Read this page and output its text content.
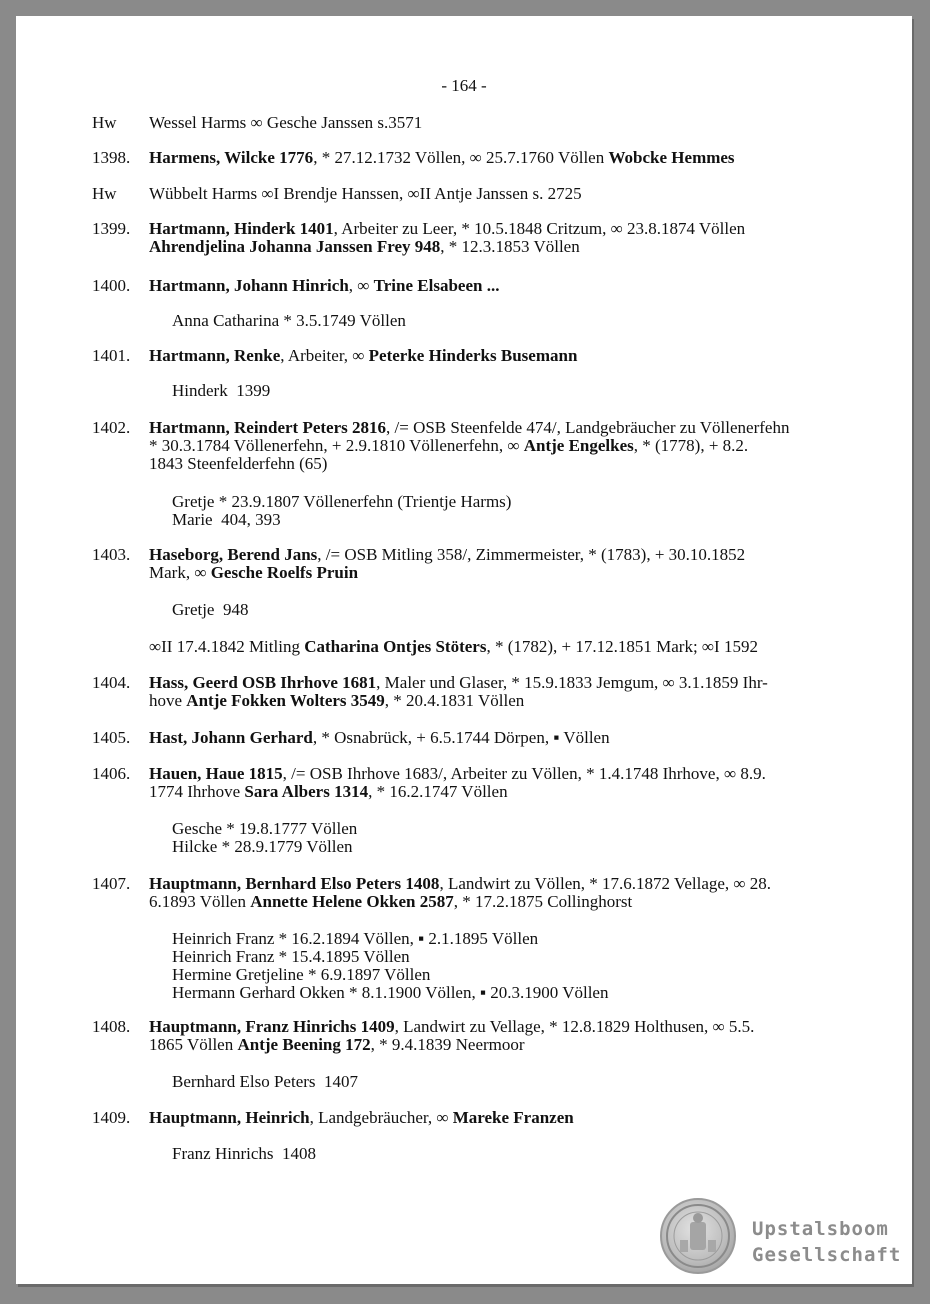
- 164 -
Hw Wessel Harms ∞ Gesche Janssen s.3571
1398. Harmens, Wilcke 1776, * 27.12.1732 Völlen, ∞ 25.7.1760 Völlen Wobcke Hemmes
Hw Wübbelt Harms ∞I Brendje Hanssen, ∞II Antje Janssen s. 2725
1399. Hartmann, Hinderk 1401, Arbeiter zu Leer, * 10.5.1848 Critzum, ∞ 23.8.1874 Völlen
Ahrendjelina Johanna Janssen Frey 948, * 12.3.1853 Völlen
1400. Hartmann, Johann Hinrich, ∞ Trine Elsabeen ...
Anna Catharina * 3.5.1749 Völlen
1401. Hartmann, Renke, Arbeiter, ∞ Peterke Hinderks Busemann
Hinderk  1399
1402. Hartmann, Reindert Peters 2816, /= OSB Steenfelde 474/, Landgebräucher zu Völlenerfehn
* 30.3.1784 Völlenerfehn, + 2.9.1810 Völlenerfehn, ∞ Antje Engelkes, * (1778), + 8.2.
1843 Steenfelderfehn (65)
Gretje * 23.9.1807 Völlenerfehn (Trientje Harms)
Marie  404, 393
1403. Haseborg, Berend Jans, /= OSB Mitling 358/, Zimmermeister, * (1783), + 30.10.1852
Mark, ∞ Gesche Roelfs Pruin
Gretje  948
∞II 17.4.1842 Mitling Catharina Ontjes Stöters, * (1782), + 17.12.1851 Mark; ∞I 1592
1404. Hass, Geerd OSB Ihrhove 1681, Maler und Glaser, * 15.9.1833 Jemgum, ∞ 3.1.1859 Ihr-
hove Antje Fokken Wolters 3549, * 20.4.1831 Völlen
1405. Hast, Johann Gerhard, * Osnabrück, + 6.5.1744 Dörpen, ▪ Völlen
1406. Hauen, Haue 1815, /= OSB Ihrhove 1683/, Arbeiter zu Völlen, * 1.4.1748 Ihrhove, ∞ 8.9.
1774 Ihrhove Sara Albers 1314, * 16.2.1747 Völlen
Gesche * 19.8.1777 Völlen
Hilcke * 28.9.1779 Völlen
1407. Hauptmann, Bernhard Elso Peters 1408, Landwirt zu Völlen, * 17.6.1872 Vellage, ∞ 28.
6.1893 Völlen Annette Helene Okken 2587, * 17.2.1875 Collinghorst
Heinrich Franz * 16.2.1894 Völlen, ▪ 2.1.1895 Völlen
Heinrich Franz * 15.4.1895 Völlen
Hermine Gretjeline * 6.9.1897 Völlen
Hermann Gerhard Okken * 8.1.1900 Völlen, ▪ 20.3.1900 Völlen
1408. Hauptmann, Franz Hinrichs 1409, Landwirt zu Vellage, * 12.8.1829 Holthusen, ∞ 5.5.
1865 Völlen Antje Beening 172, * 9.4.1839 Neermoor
Bernhard Elso Peters  1407
1409. Hauptmann, Heinrich, Landgebräucher, ∞ Mareke Franzen
Franz Hinrichs  1408
Upstalsboom
Gesellschaft
